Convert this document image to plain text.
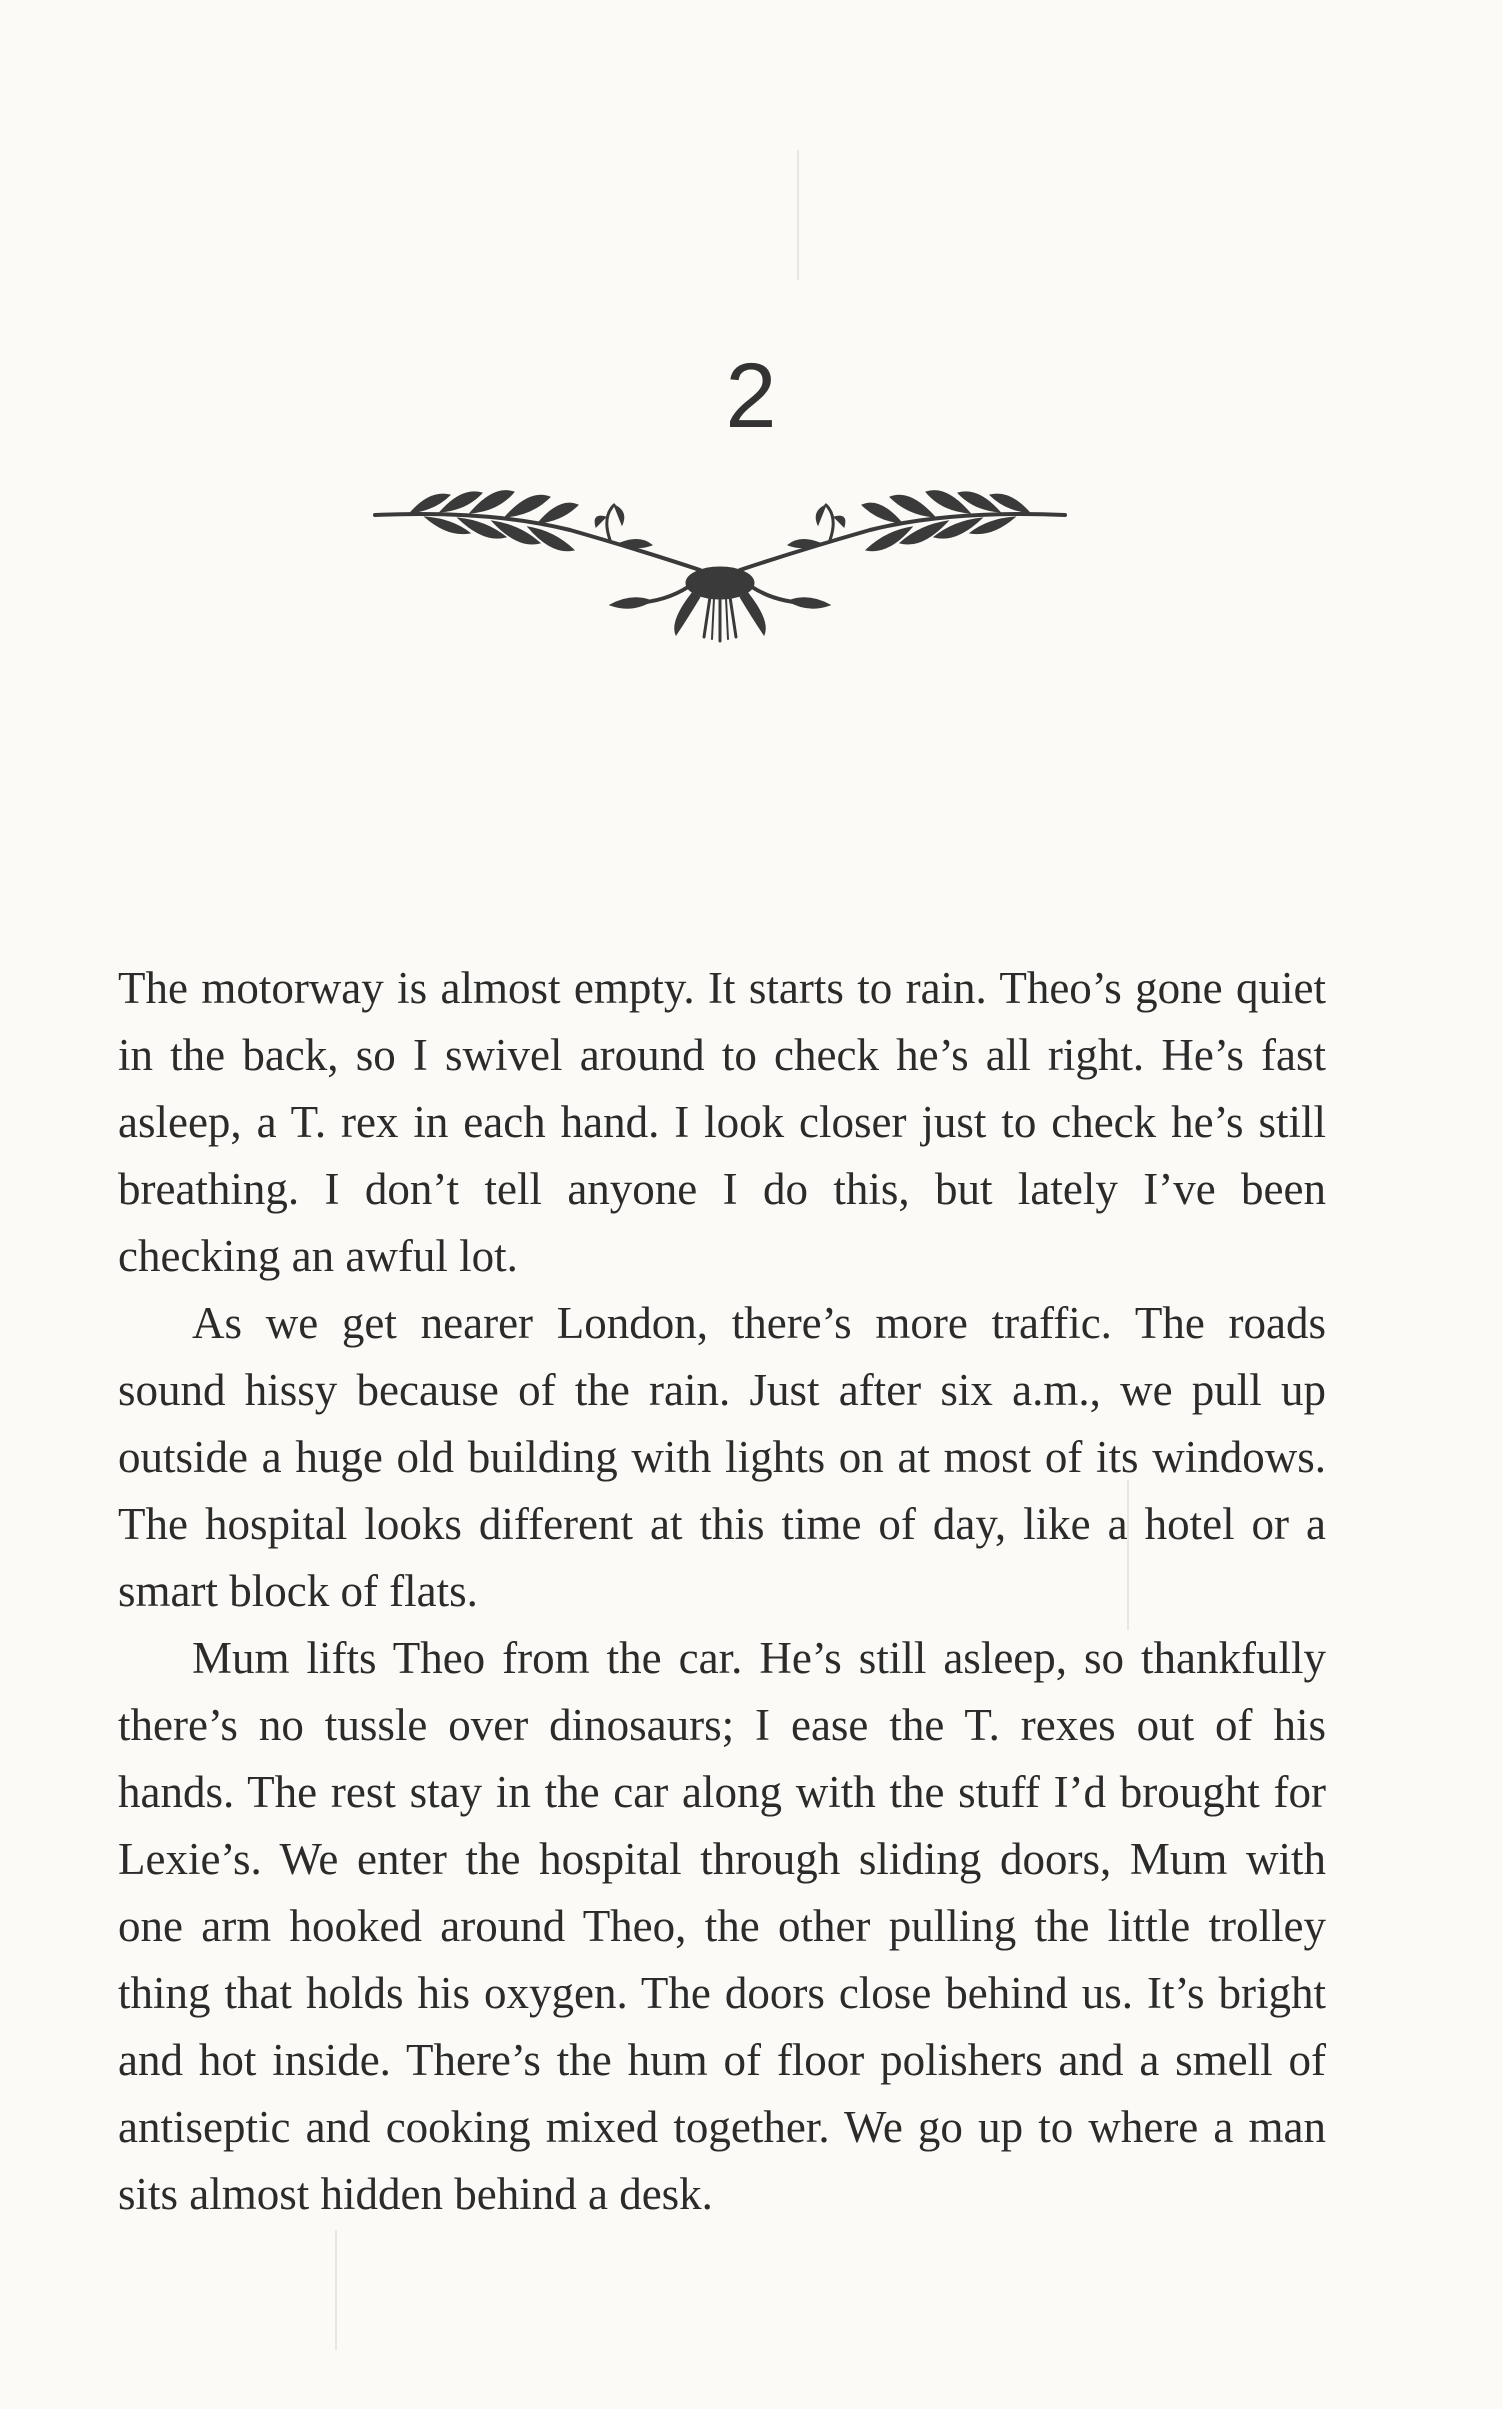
2

The motorway is almost empty. It starts to rain. Theo’s gone quiet in the back, so I swivel around to check he’s all right. He’s fast asleep, a T. rex in each hand. I look closer just to check he’s still breathing. I don’t tell anyone I do this, but lately I’ve been checking an awful lot.

As we get nearer London, there’s more traffic. The roads sound hissy because of the rain. Just after six a.m., we pull up outside a huge old building with lights on at most of its windows. The hospital looks different at this time of day, like a hotel or a smart block of flats.

Mum lifts Theo from the car. He’s still asleep, so thankfully there’s no tussle over dinosaurs; I ease the T. rexes out of his hands. The rest stay in the car along with the stuff I’d brought for Lexie’s. We enter the hospital through sliding doors, Mum with one arm hooked around Theo, the other pulling the little trolley thing that holds his oxygen. The doors close behind us. It’s bright and hot inside. There’s the hum of floor polishers and a smell of antiseptic and cooking mixed together. We go up to where a man sits almost hidden behind a desk.
